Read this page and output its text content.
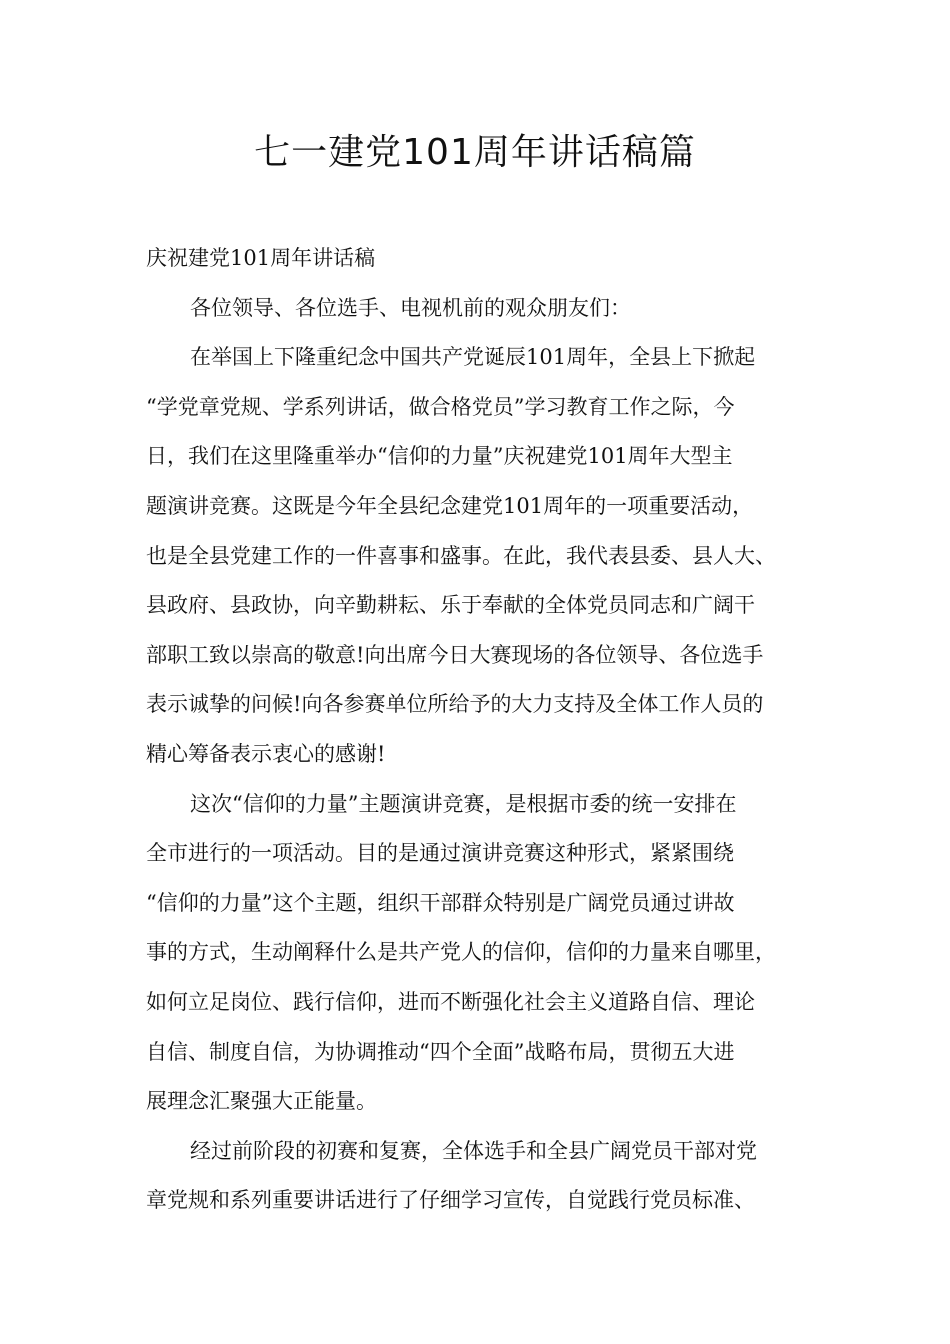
七一建党101周年讲话稿篇

庆祝建党101周年讲话稿

各位领导、各位选手、电视机前的观众朋友们：
在举国上下隆重纪念中国共产党诞辰101周年，全县上下掀起
“学党章党规、学系列讲话，做合格党员”学习教育工作之际，今
日，我们在这里隆重举办“信仰的力量”庆祝建党101周年大型主
题演讲竞赛。这既是今年全县纪念建党101周年的一项重要活动，
也是全县党建工作的一件喜事和盛事。在此，我代表县委、县人大、
县政府、县政协，向辛勤耕耘、乐于奉献的全体党员同志和广阔干
部职工致以崇高的敬意!向出席今日大赛现场的各位领导、各位选手
表示诚挚的问候!向各参赛单位所给予的大力支持及全体工作人员的
精心筹备表示衷心的感谢!
这次“信仰的力量”主题演讲竞赛，是根据市委的统一安排在
全市进行的一项活动。目的是通过演讲竞赛这种形式，紧紧围绕
“信仰的力量”这个主题，组织干部群众特别是广阔党员通过讲故
事的方式，生动阐释什么是共产党人的信仰，信仰的力量来自哪里，
如何立足岗位、践行信仰，进而不断强化社会主义道路自信、理论
自信、制度自信，为协调推动“四个全面”战略布局，贯彻五大进
展理念汇聚强大正能量。
经过前阶段的初赛和复赛，全体选手和全县广阔党员干部对党
章党规和系列重要讲话进行了仔细学习宣传，自觉践行党员标准、
